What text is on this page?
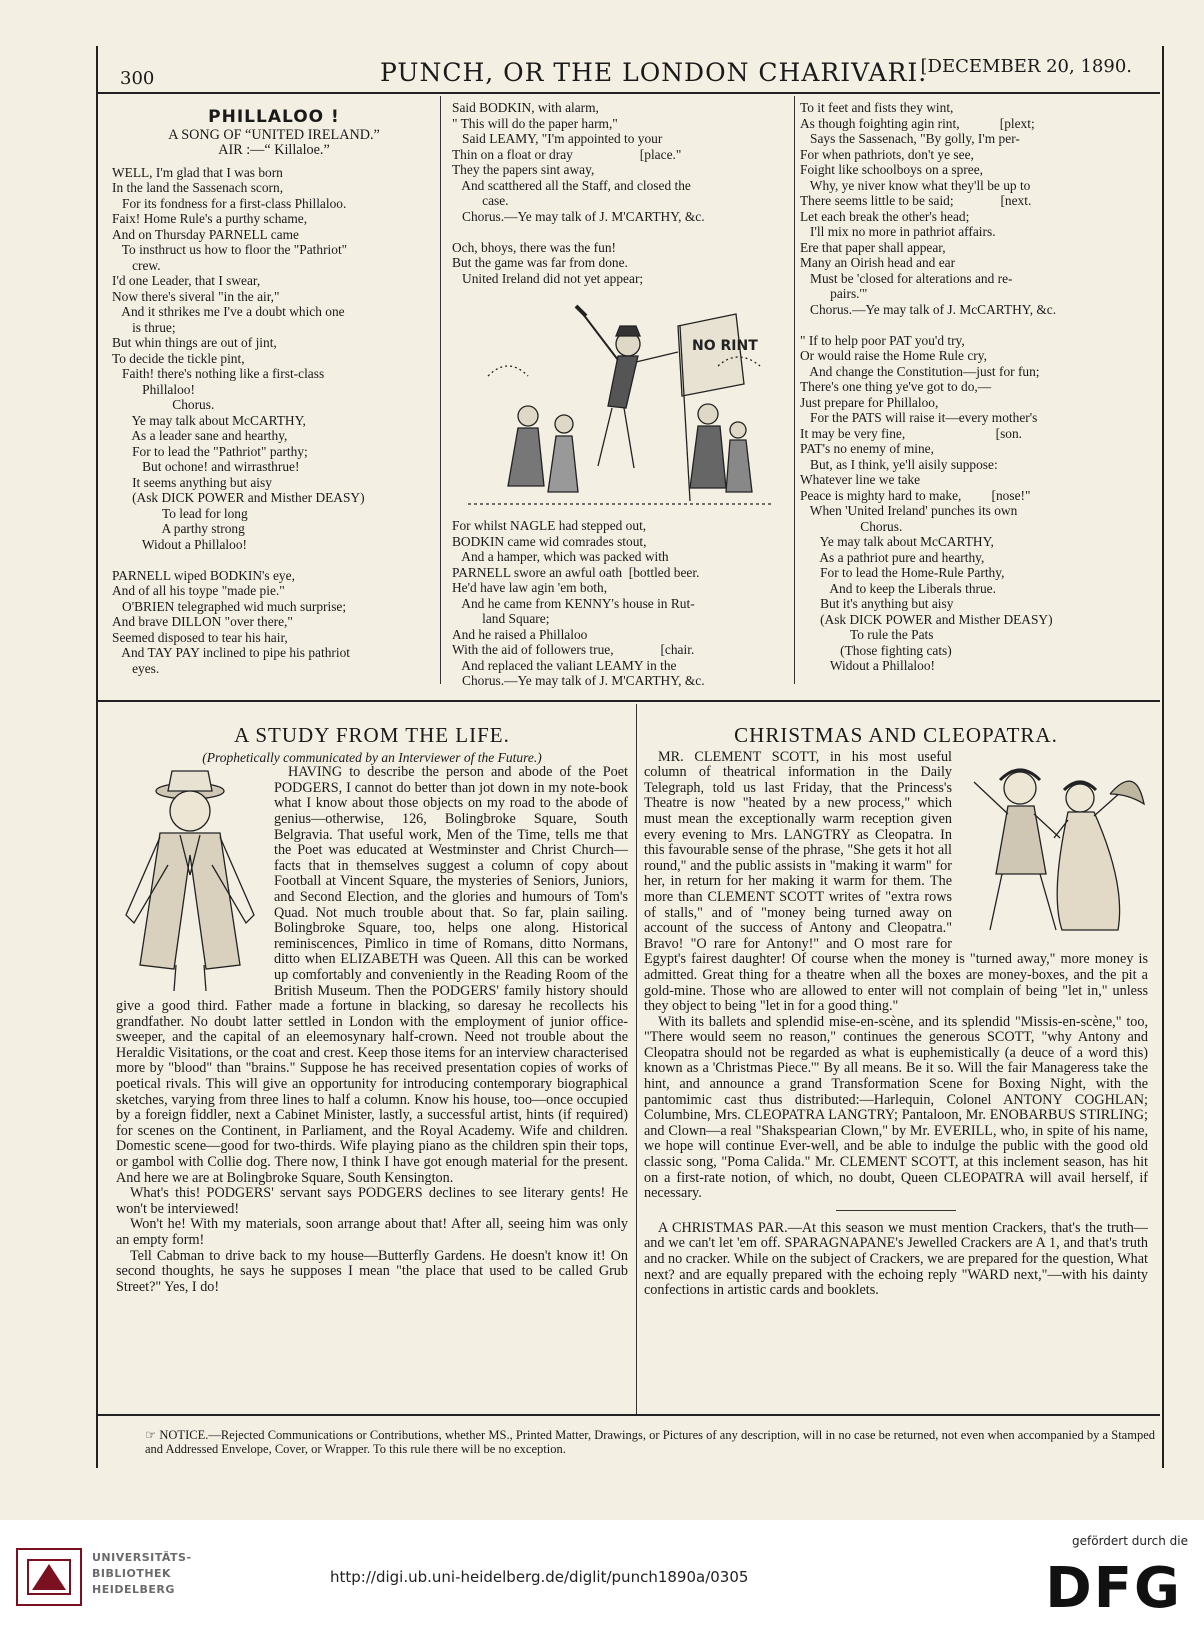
300	PUNCH, OR THE LONDON CHARIVARI.
[DECEMBER 20, 1890.
PHILLALOO !

A SONG OF “UNITED IRELAND.”

AIR :—“ Killaloe.”

WELL, I'm glad that I was born
In the land the Sassenach scorn,
For its fondness for a first-class Phillaloo.
Faix! Home Rule's a purthy schame,
And on Thursday PARNELL came
To insthruct us how to floor the "Pathriot"
crew.
I'd one Leader, that I swear,
Now there's siveral "in the air,"
And it sthrikes me I've a doubt which one
is thrue;
But whin things are out of jint,
To decide the tickle pint,
Faith! there's nothing like a first-class
Phillaloo!
Chorus.
Ye may talk about McCARTHY,
As a leader sane and hearthy,
For to lead the "Pathriot" parthy;
But ochone! and wirrasthrue!
It seems anything but aisy
(Ask DICK POWER and Misther DEASY)
To lead for long
A parthy strong
Widout a Phillaloo!

PARNELL wiped BODKIN's eye,
And of all his toype "made pie."
O'BRIEN telegraphed wid much surprise;
And brave DILLON "over there,"
Seemed disposed to tear his hair,
And TAY PAY inclined to pipe his pathriot
eyes.

Said BODKIN, with alarm,
" This will do the paper harm,"
Said LEAMY, "I'm appointed to your
Thin on a float or dray                    [place."
They the papers sint away,
And scatthered all the Staff, and closed the
case.
Chorus.—Ye may talk of J. M'CARTHY, &c.

Och, bhoys, there was the fun!
But the game was far from done.
United Ireland did not yet appear;

NO RINT

For whilst NAGLE had stepped out,
BODKIN came wid comrades stout,
And a hamper, which was packed with
PARNELL swore an awful oath  [bottled beer.
He'd have law agin 'em both,
And he came from KENNY's house in Rut-
land Square;
And he raised a Phillaloo
With the aid of followers true,              [chair.
And replaced the valiant LEAMY in the
Chorus.—Ye may talk of J. M'CARTHY, &c.

To it feet and fists they wint,
As though foighting agin rint,            [plext;
Says the Sassenach, "By golly, I'm per-
For when pathriots, don't ye see,
Foight like schoolboys on a spree,
Why, ye niver know what they'll be up to
There seems little to be said;              [next.
Let each break the other's head;
I'll mix no more in pathriot affairs.
Ere that paper shall appear,
Many an Oirish head and ear
Must be 'closed for alterations and re-
pairs.'"
Chorus.—Ye may talk of J. McCARTHY, &c.

" If to help poor PAT you'd try,
Or would raise the Home Rule cry,
And change the Constitution—just for fun;
There's one thing ye've got to do,—
Just prepare for Phillaloo,
For the PATS will raise it—every mother's
It may be very fine,                           [son.
PAT's no enemy of mine,
But, as I think, ye'll aisily suppose:
Whatever line we take
Peace is mighty hard to make,         [nose!"
When 'United Ireland' punches its own
Chorus.
Ye may talk about McCARTHY,
As a pathriot pure and hearthy,
For to lead the Home-Rule Parthy,
And to keep the Liberals thrue.
But it's anything but aisy
(Ask DICK POWER and Misther DEASY)
To rule the Pats
(Those fighting cats)
Widout a Phillaloo!

A STUDY FROM THE LIFE.

(Prophetically communicated by an Interviewer of the Future.)

HAVING to describe the person and abode of the Poet PODGERS, I cannot do better than jot down in my note-book what I know about those objects on my road to the abode of genius—otherwise, 126, Bolingbroke Square, South Belgravia. That useful work, Men of the Time, tells me that the Poet was educated at Westminster and Christ Church—facts that in themselves suggest a column of copy about Football at Vincent Square, the mysteries of Seniors, Juniors, and Second Election, and the glories and humours of Tom's Quad. Not much trouble about that. So far, plain sailing. Bolingbroke Square, too, helps one along. Historical reminiscences, Pimlico in time of Romans, ditto Normans, ditto when ELIZABETH was Queen. All this can be worked up comfortably and conveniently in the Reading Room of the British Museum. Then the PODGERS' family history should give a good third. Father made a fortune in blacking, so daresay he recollects his grandfather. No doubt latter settled in London with the employment of junior office-sweeper, and the capital of an eleemosynary half-crown. Need not trouble about the Heraldic Visitations, or the coat and crest. Keep those items for an interview characterised more by "blood" than "brains." Suppose he has received presentation copies of works of poetical rivals. This will give an opportunity for introducing contemporary biographical sketches, varying from three lines to half a column. Know his house, too—once occupied by a foreign fiddler, next a Cabinet Minister, lastly, a successful artist, hints (if required) for scenes on the Continent, in Parliament, and the Royal Academy. Wife and children. Domestic scene—good for two-thirds. Wife playing piano as the children spin their tops, or gambol with Collie dog. There now, I think I have got enough material for the present. And here we are at Bolingbroke Square, South Kensington.

What's this! PODGERS' servant says PODGERS declines to see literary gents! He won't be interviewed!

Won't he! With my materials, soon arrange about that! After all, seeing him was only an empty form!

Tell Cabman to drive back to my house—Butterfly Gardens. He doesn't know it! On second thoughts, he says he supposes I mean "the place that used to be called Grub Street?" Yes, I do!

CHRISTMAS AND CLEOPATRA.

MR. CLEMENT SCOTT, in his most useful column of theatrical information in the Daily Telegraph, told us last Friday, that the Princess's Theatre is now "heated by a new process," which must mean the exceptionally warm reception given every evening to Mrs. LANGTRY as Cleopatra. In this favourable sense of the phrase, "She gets it hot all round," and the public assists in "making it warm" for her, in return for her making it warm for them. The more than CLEMENT SCOTT writes of "extra rows of stalls," and of "money being turned away on account of the success of Antony and Cleopatra." Bravo! "O rare for Antony!" and O most rare for Egypt's fairest daughter! Of course when the money is "turned away," more money is admitted. Great thing for a theatre when all the boxes are money-boxes, and the pit a gold-mine. Those who are allowed to enter will not complain of being "let in," unless they object to being "let in for a good thing."

With its ballets and splendid mise-en-scène, and its splendid "Missis-en-scène," too, "There would seem no reason," continues the generous SCOTT, "why Antony and Cleopatra should not be regarded as what is euphemistically (a deuce of a word this) known as a 'Christmas Piece.'" By all means. Be it so. Will the fair Manageress take the hint, and announce a grand Transformation Scene for Boxing Night, with the pantomimic cast thus distributed:—Harlequin, Colonel ANTONY COGHLAN; Columbine, Mrs. CLEOPATRA LANGTRY; Pantaloon, Mr. ENOBARBUS STIRLING; and Clown—a real "Shakspearian Clown," by Mr. EVERILL, who, in spite of his name, we hope will continue Ever-well, and be able to indulge the public with the good old classic song, "Poma Calida." Mr. CLEMENT SCOTT, at this inclement season, has hit on a first-rate notion, of which, no doubt, Queen CLEOPATRA will avail herself, if necessary.

A CHRISTMAS PAR.—At this season we must mention Crackers, that's the truth—and we can't let 'em off. SPARAGNAPANE's Jewelled Crackers are A 1, and that's truth and no cracker. While on the subject of Crackers, we are prepared for the question, What next? and are equally prepared with the echoing reply "WARD next,"—with his dainty confections in artistic cards and booklets.

☞ NOTICE.—Rejected Communications or Contributions, whether MS., Printed Matter, Drawings, or Pictures of any description, will in no case be returned, not even when accompanied by a Stamped and Addressed Envelope, Cover, or Wrapper. To this rule there will be no exception.
UNIVERSITÄTS-
BIBLIOTHEK
HEIDELBERG
http://digi.ub.uni-heidelberg.de/diglit/punch1890a/0305
gefördert durch die
DFG
